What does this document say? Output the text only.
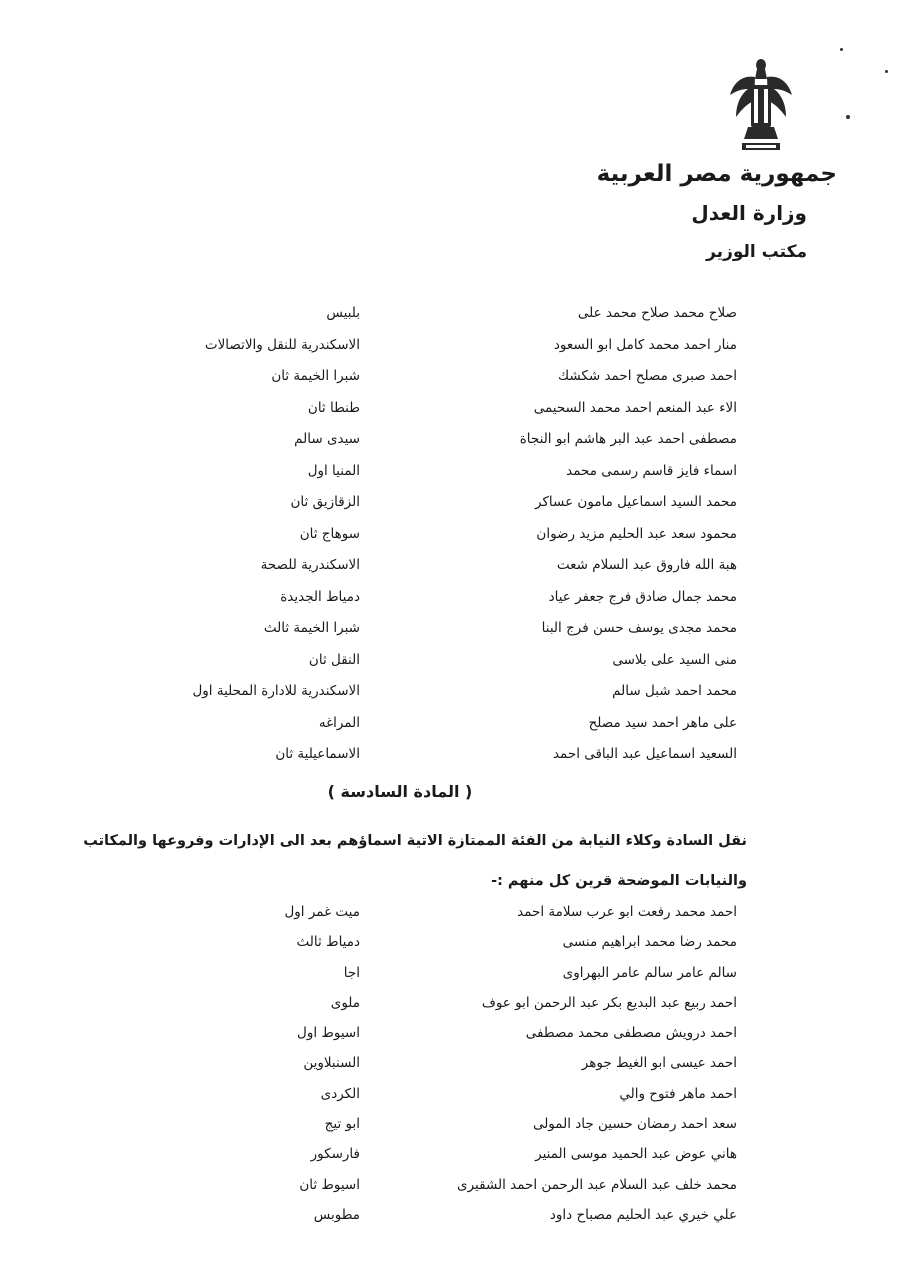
جمهورية مصر العربية
وزارة العدل
مكتب الوزير
صلاح محمد صلاح محمد على
بلبيس
منار احمد محمد كامل ابو السعود
الاسكندرية للنقل والاتصالات
احمد صبرى مصلح احمد شكشك
شبرا الخيمة ثان
الاء عبد المنعم احمد محمد السحيمى
طنطا ثان
مصطفى احمد عبد البر هاشم ابو النجاة
سيدى سالم
اسماء فايز قاسم رسمى محمد
المنيا اول
محمد السيد اسماعيل مامون عساكر
الزقازيق ثان
محمود سعد عبد الحليم مزيد رضوان
سوهاج ثان
هبة الله فاروق عبد السلام شعت
الاسكندرية للصحة
محمد جمال صادق فرج جعفر عياد
دمياط الجديدة
محمد مجدى يوسف حسن فرج البنا
شبرا الخيمة ثالث
منى السيد على بلاسى
النقل ثان
محمد احمد شبل سالم
الاسكندرية للادارة المحلية اول
على ماهر احمد سيد مصلح
المراغه
السعيد اسماعيل عبد الباقى احمد
الاسماعيلية ثان
( المادة السادسة )
نقل السادة وكلاء النيابة من الفئة الممتازة الاتية اسماؤهم بعد الى الإدارات وفروعها والمكاتب
والنيابات الموضحة قرين كل منهم :-
احمد محمد رفعت ابو عرب سلامة احمد
ميت غمر اول
محمد رضا محمد ابراهيم منسى
دمياط ثالث
سالم عامر سالم عامر البهراوى
اجا
احمد ربيع عبد البديع بكر عبد الرحمن ابو عوف
ملوى
احمد درويش مصطفى محمد مصطفى
اسيوط اول
احمد عيسى ابو الغيط جوهر
السنبلاوين
احمد ماهر فتوح والي
الكردى
سعد احمد رمضان حسين جاد المولى
ابو تيج
هاني عوض عبد الحميد موسى المنير
فارسكور
محمد خلف عبد السلام عبد الرحمن احمد الشقيرى
اسيوط ثان
علي خيري عبد الحليم مصباح داود
مطوبس
